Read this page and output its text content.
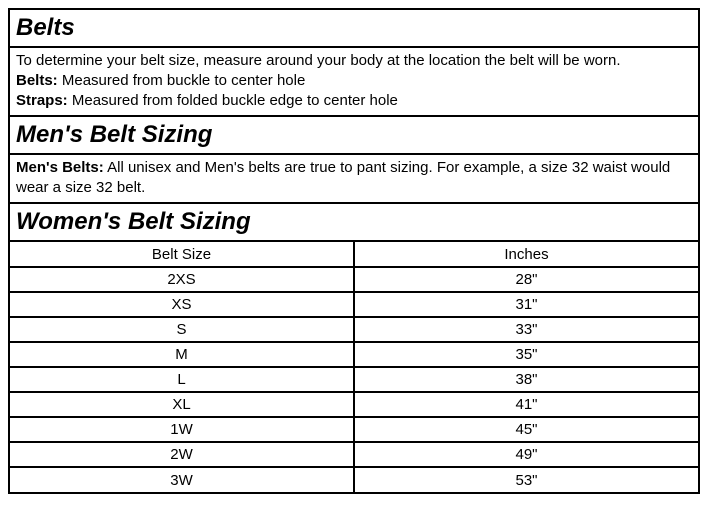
Belts

To determine your belt size, measure around your body at the location the belt will be worn.

Belts: Measured from buckle to center hole

Straps: Measured from folded buckle edge to center hole

Men's Belt Sizing

Men's Belts: All unisex and Men's belts are true to pant sizing. For example, a size 32 waist would wear a size 32 belt.

Women's Belt Sizing
Belt Size	Inches
2XS	28"
XS	31"
S	33"
M	35"
L	38"
XL	41"
1W	45"
2W	49"
3W	53"
